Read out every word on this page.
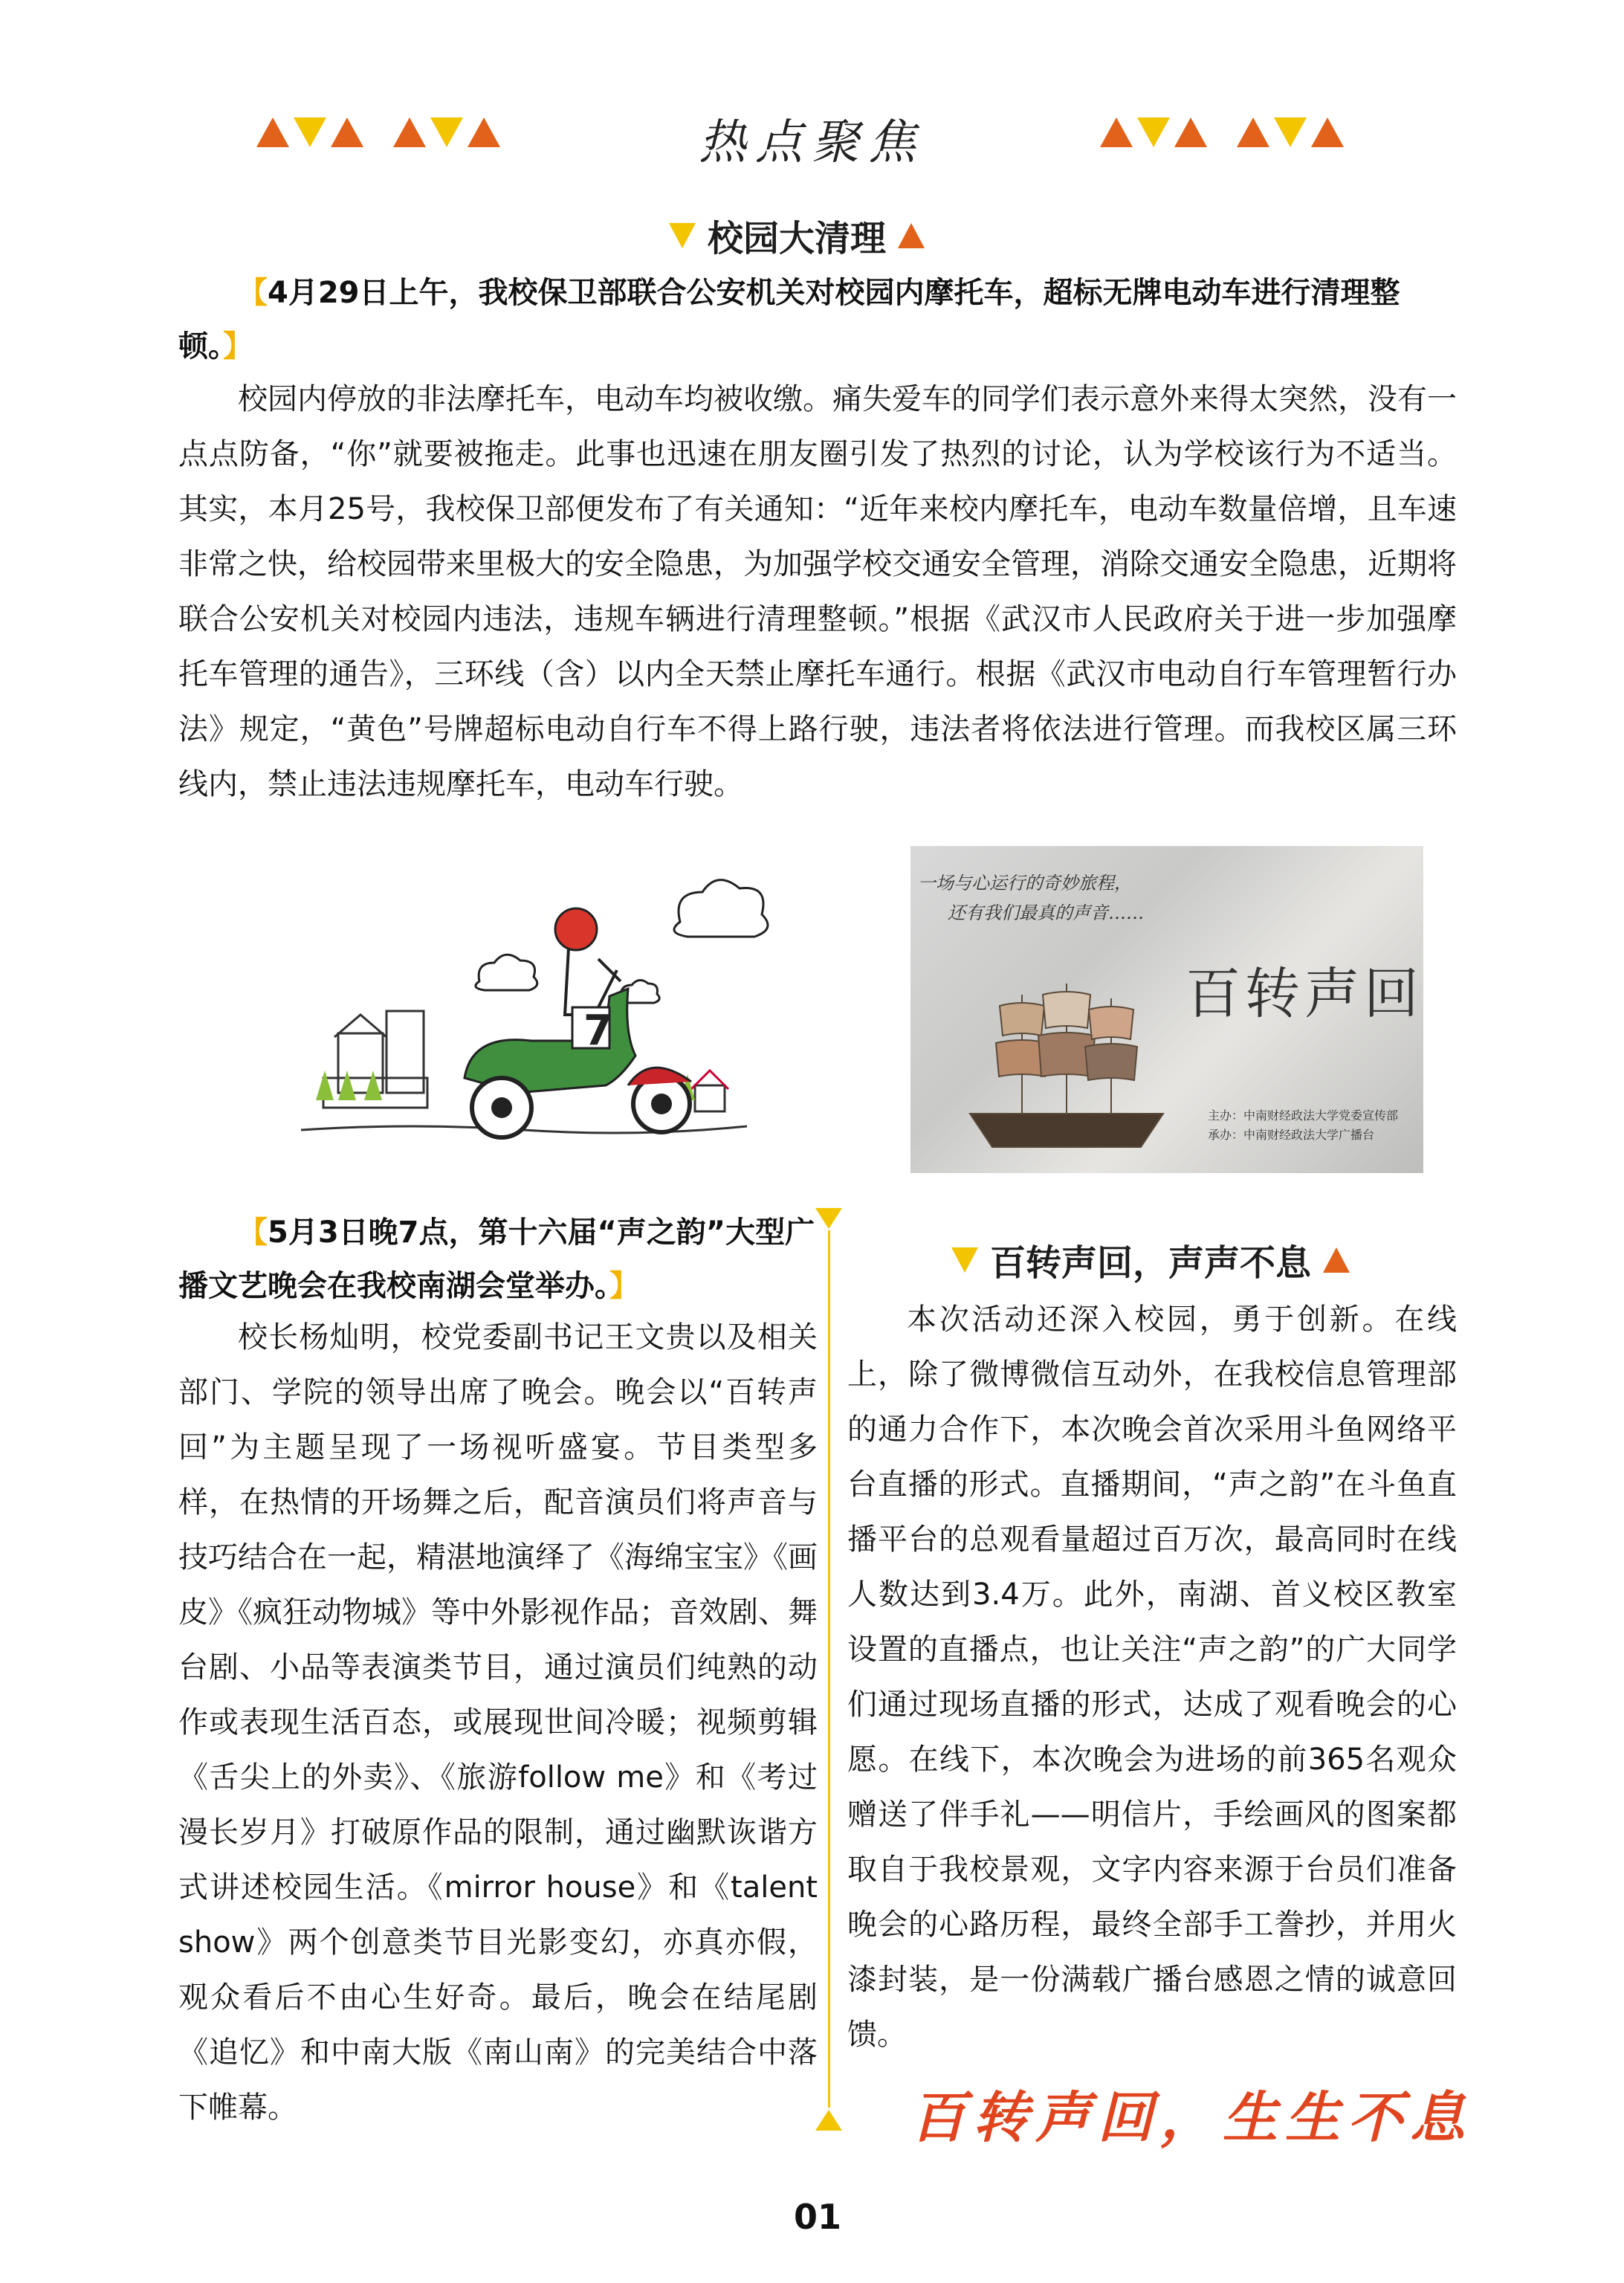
热点聚焦
校园大清理
【4月29日上午，我校保卫部联合公安机关对校园内摩托车，超标无牌电动车进行清理整顿。】

校园内停放的非法摩托车，电动车均被收缴。痛失爱车的同学们表示意外来得太突然，没有一点点防备，“你”就要被拖走。此事也迅速在朋友圈引发了热烈的讨论，认为学校该行为不适当。其实，本月25号，我校保卫部便发布了有关通知：“近年来校内摩托车，电动车数量倍增，且车速非常之快，给校园带来里极大的安全隐患，为加强学校交通安全管理，消除交通安全隐患，近期将联合公安机关对校园内违法，违规车辆进行清理整顿。”根据《武汉市人民政府关于进一步加强摩托车管理的通告》，三环线（含）以内全天禁止摩托车通行。根据《武汉市电动自行车管理暂行办法》规定，“黄色”号牌超标电动自行车不得上路行驶，违法者将依法进行管理。而我校区属三环线内，禁止违法违规摩托车，电动车行驶。

7
一场与心运行的奇妙旅程，
还有我们最真的声音……
百转声回
主办：中南财经政法大学党委宣传部
承办：中南财经政法大学广播台
【5月3日晚7点，第十六届“声之韵”大型广播文艺晚会在我校南湖会堂举办。】

校长杨灿明，校党委副书记王文贵以及相关部门、学院的领导出席了晚会。晚会以“百转声回”为主题呈现了一场视听盛宴。节目类型多样，在热情的开场舞之后，配音演员们将声音与技巧结合在一起，精湛地演绎了《海绵宝宝》《画皮》《疯狂动物城》等中外影视作品；音效剧、舞台剧、小品等表演类节目，通过演员们纯熟的动作或表现生活百态，或展现世间冷暖；视频剪辑《舌尖上的外卖》、《旅游follow me》和《考过漫长岁月》打破原作品的限制，通过幽默诙谐方式讲述校园生活。《mirror house》和《talent show》两个创意类节目光影变幻，亦真亦假，观众看后不由心生好奇。最后，晚会在结尾剧《追忆》和中南大版《南山南》的完美结合中落下帷幕。

百转声回，声声不息

本次活动还深入校园，勇于创新。在线上，除了微博微信互动外，在我校信息管理部的通力合作下，本次晚会首次采用斗鱼网络平台直播的形式。直播期间，“声之韵”在斗鱼直播平台的总观看量超过百万次，最高同时在线人数达到3.4万。此外，南湖、首义校区教室设置的直播点，也让关注“声之韵”的广大同学们通过现场直播的形式，达成了观看晚会的心愿。在线下，本次晚会为进场的前365名观众赠送了伴手礼——明信片，手绘画风的图案都取自于我校景观，文字内容来源于台员们准备晚会的心路历程，最终全部手工誊抄，并用火漆封装，是一份满载广播台感恩之情的诚意回馈。

百转声回，生生不息
01
